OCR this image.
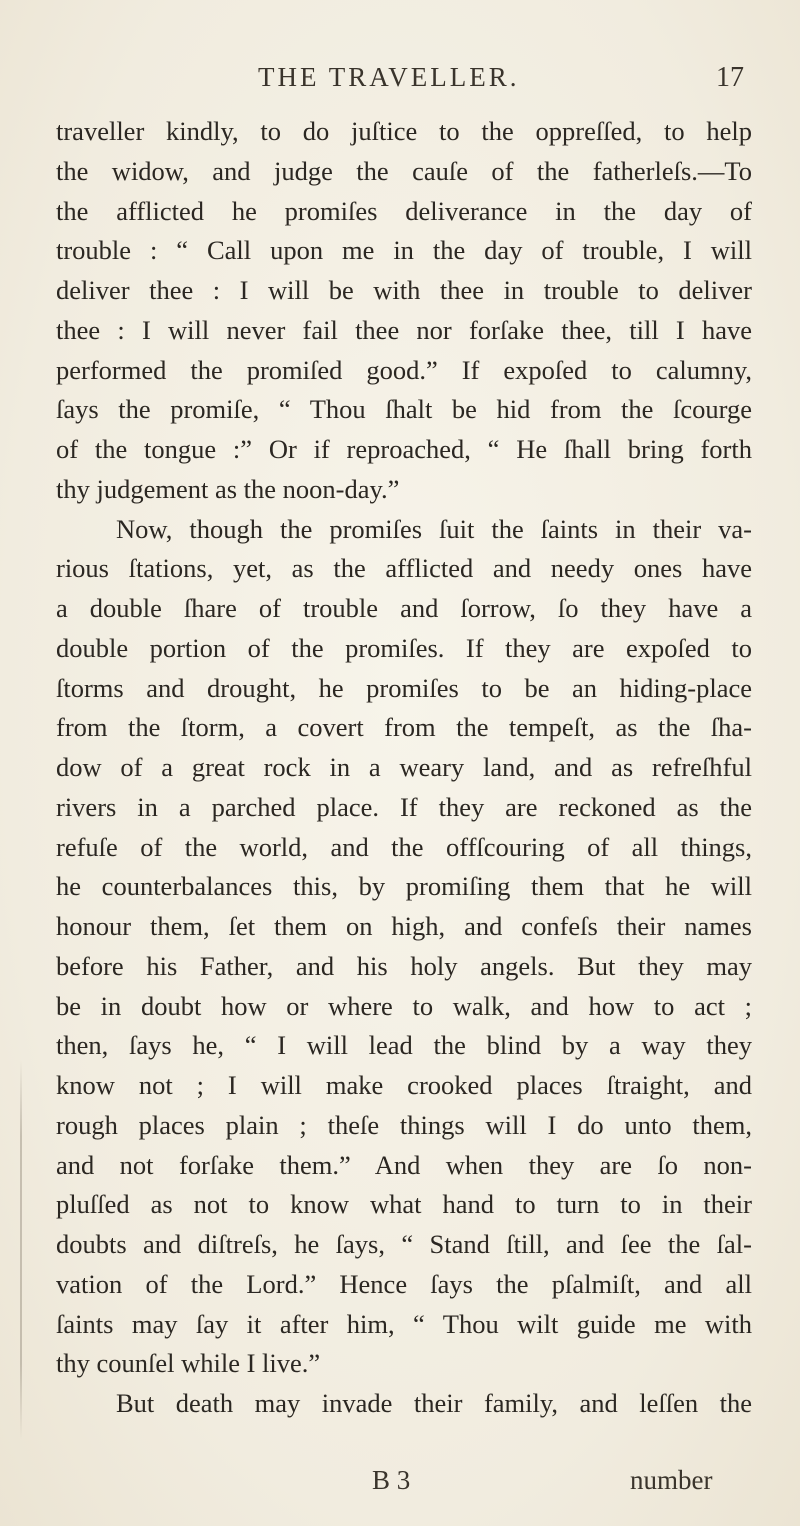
THE TRAVELLER.	17
traveller kindly, to do juſtice to the oppreſſed, to help
the widow, and judge the cauſe of the fatherleſs.—To
the afflicted he promiſes deliverance in the day of
trouble : “ Call upon me in the day of trouble, I will
deliver thee : I will be with thee in trouble to deliver
thee : I will never fail thee nor forſake thee, till I have
performed the promiſed good.” If expoſed to calumny,
ſays the promiſe, “ Thou ſhalt be hid from the ſcourge
of the tongue :” Or if reproached, “ He ſhall bring forth
thy judgement as the noon-day.”
Now, though the promiſes ſuit the ſaints in their va-
rious ſtations, yet, as the afflicted and needy ones have
a double ſhare of trouble and ſorrow, ſo they have a
double portion of the promiſes. If they are expoſed to
ſtorms and drought, he promiſes to be an hiding-place
from the ſtorm, a covert from the tempeſt, as the ſha-
dow of a great rock in a weary land, and as refreſhful
rivers in a parched place. If they are reckoned as the
refuſe of the world, and the offſcouring of all things,
he counterbalances this, by promiſing them that he will
honour them, ſet them on high, and confeſs their names
before his Father, and his holy angels. But they may
be in doubt how or where to walk, and how to act ;
then, ſays he, “ I will lead the blind by a way they
know not ; I will make crooked places ſtraight, and
rough places plain ; theſe things will I do unto them,
and not forſake them.” And when they are ſo non-
pluſſed as not to know what hand to turn to in their
doubts and diſtreſs, he ſays, “ Stand ſtill, and ſee the ſal-
vation of the Lord.” Hence ſays the pſalmiſt, and all
ſaints may ſay it after him, “ Thou wilt guide me with
thy counſel while I live.”
But death may invade their family, and leſſen the
B 3	number
